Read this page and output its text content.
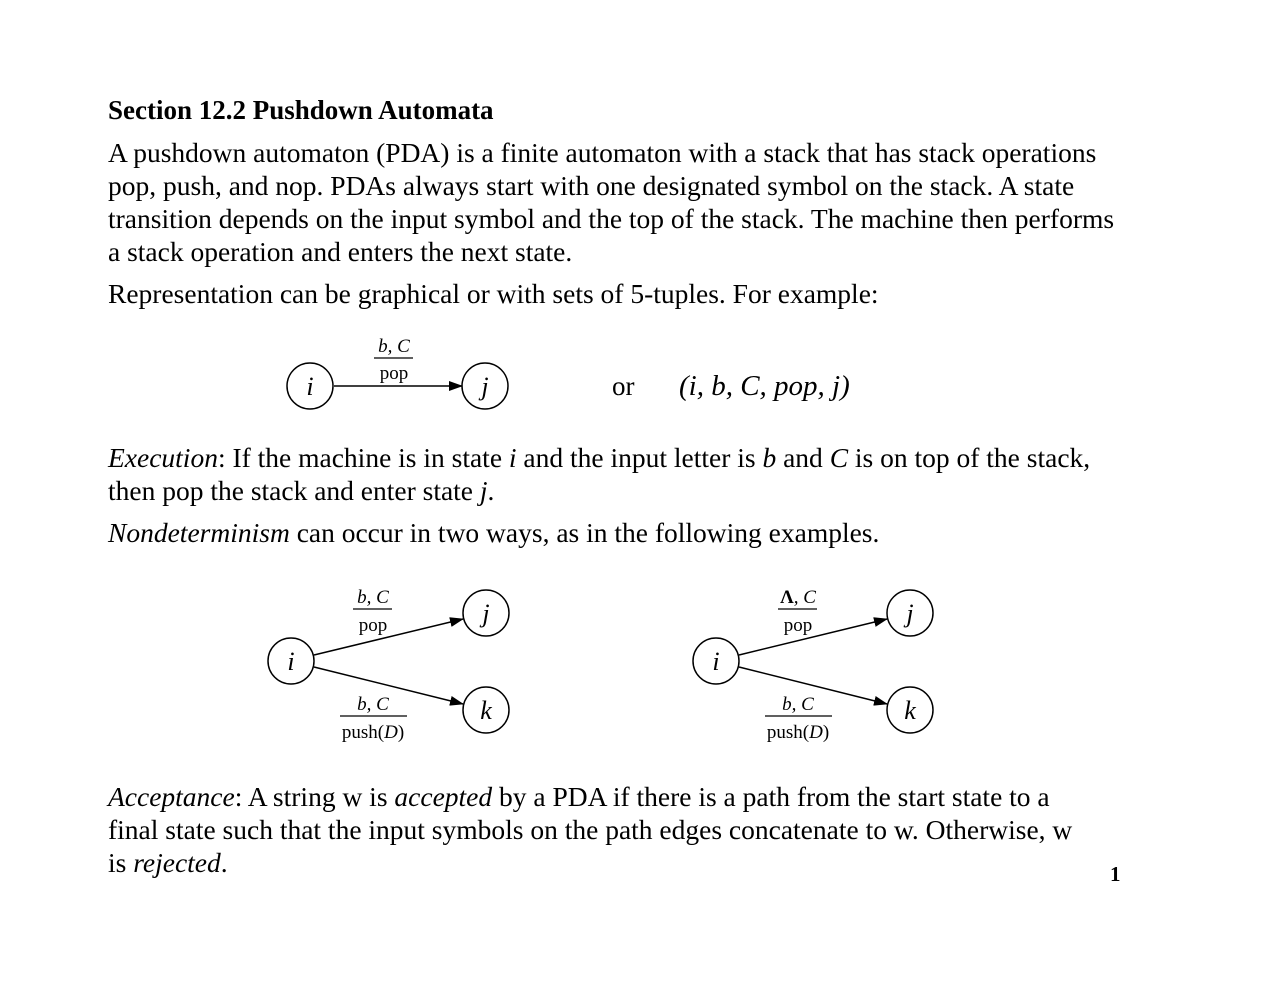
Section 12.2 Pushdown Automata
A pushdown automaton (PDA) is a finite automaton with a stack that has stack operations
pop, push, and nop. PDAs always start with one designated symbol on the stack. A state
transition depends on the input symbol and the top of the stack. The machine then performs
a stack operation and enters the next state.
Representation can be graphical or with sets of 5-tuples. For example:
i	j
b, C
pop	or (i, b, C, pop, j)
Execution: If the machine is in state i and the input letter is b and C is on top of the stack,
then pop the stack and enter state j.
Nondeterminism can occur in two ways, as in the following examples.
i
j
k
b, C
pop
b, C
push(D)
i
j
k
Λ, C
pop
b, C
push(D)
Acceptance: A string w is accepted by a PDA if there is a path from the start state to a
final state such that the input symbols on the path edges concatenate to w. Otherwise, w
is rejected.	1
